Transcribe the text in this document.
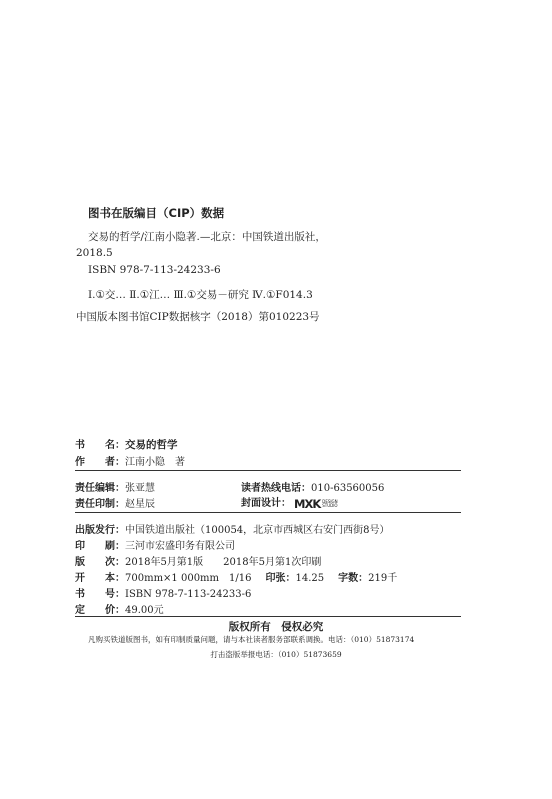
图书在版编目（CIP）数据
交易的哲学/江南小隐著.—北京：中国铁道出版社，
2018.5
ISBN 978-7-113-24233-6
Ⅰ.①交… Ⅱ.①江… Ⅲ.①交易－研究 Ⅳ.①F014.3
中国版本图书馆CIP数据核字（2018）第010223号
书　　名：交易的哲学
作　　者：江南小隐　著
责任编辑：张亚慧	读者热线电话：010-63560056
责任印制：赵星辰	封面设计： MXK DESIGN
STUDIO
出版发行：中国铁道出版社（100054，北京市西城区右安门西街8号）
印　　刷：三河市宏盛印务有限公司
版　　次：2018年5月第1版　　2018年5月第1次印刷
开　　本：700mm×1 000mm　1/16 印张：14.25 字数：219千
书　　号：ISBN 978-7-113-24233-6
定　　价：49.00元
版权所有　侵权必究
凡购买铁道版图书，如有印制质量问题，请与本社读者服务部联系调换。电话：（010）51873174
打击盗版举报电话：（010）51873659
